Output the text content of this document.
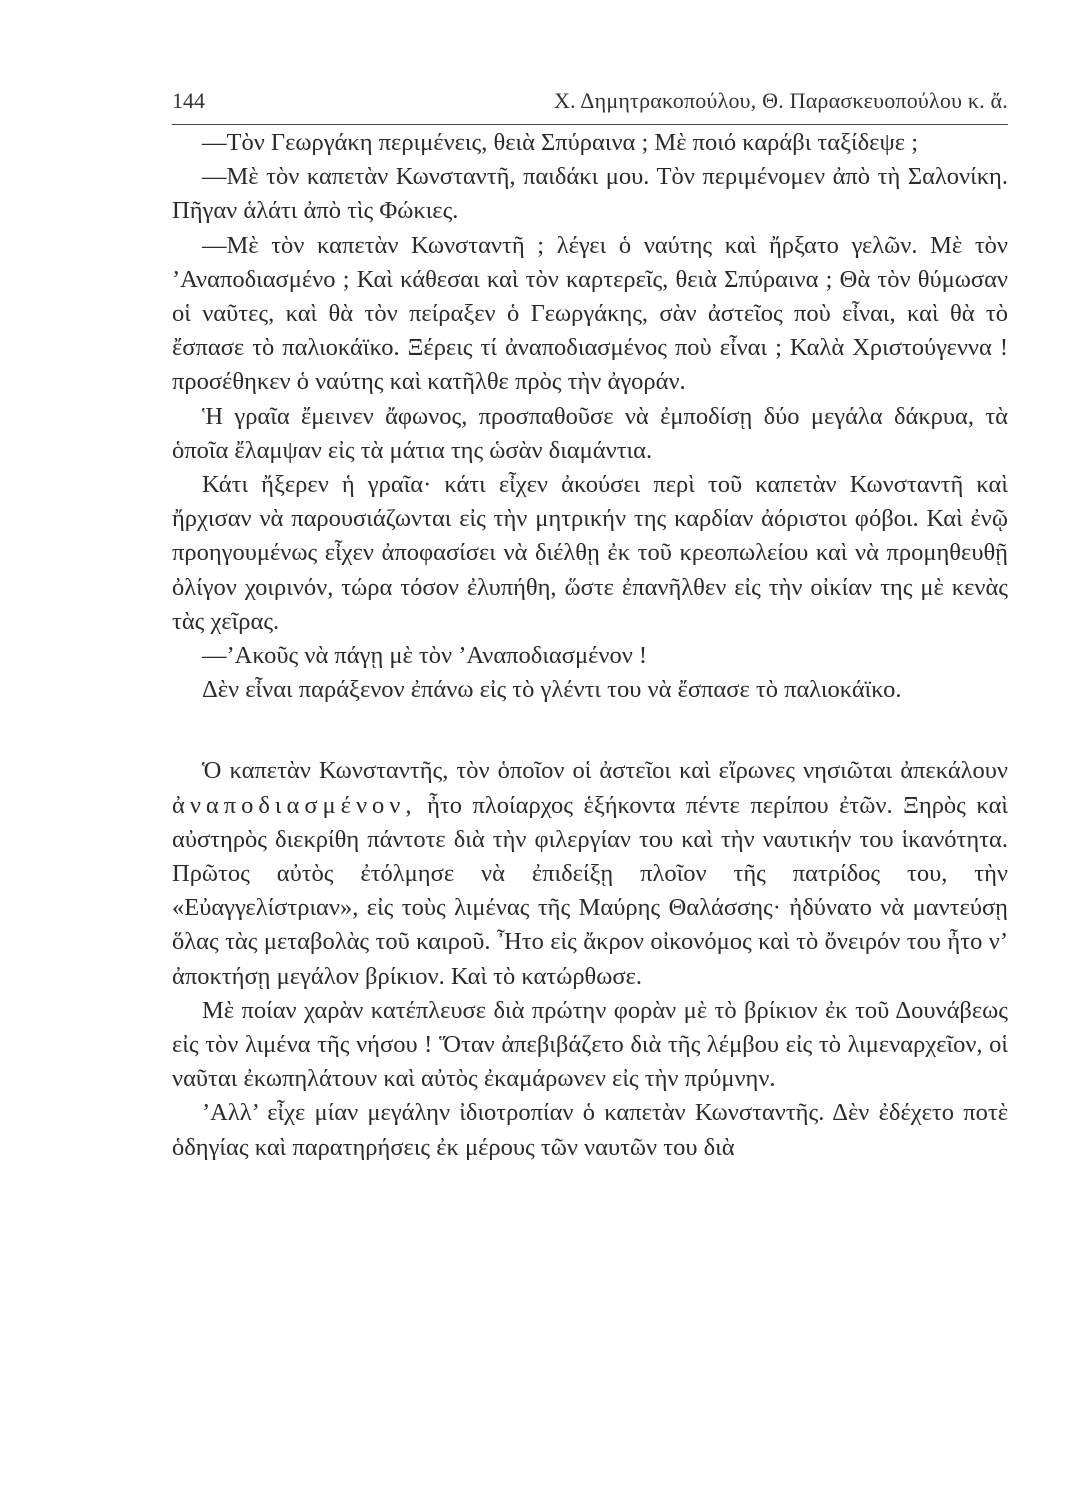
144	Χ. Δημητρακοπούλου, Θ. Παρασκευοπούλου κ. ἄ.

—Τὸν Γεωργάκη περιμένεις, θειὰ Σπύραινα ; Μὲ ποιό καράβι ταξίδεψε ;

—Μὲ τὸν καπετὰν Κωνσταντῆ, παιδάκι μου. Τὸν περιμένομεν ἀπὸ τὴ Σαλονίκη. Πῆγαν ἁλάτι ἀπὸ τὶς Φώκιες.

—Μὲ τὸν καπετὰν Κωνσταντῆ ; λέγει ὁ ναύτης καὶ ἤρξατο γελῶν. Μὲ τὸν ’Αναποδιασμένο ; Καὶ κάθεσαι καὶ τὸν καρτερεῖς, θειὰ Σπύραινα ; Θὰ τὸν θύμωσαν οἱ ναῦτες, καὶ θὰ τὸν πείραξεν ὁ Γεωργάκης, σὰν ἀστεῖος ποὺ εἶναι, καὶ θὰ τὸ ἔσπασε τὸ παλιοκάϊκο. Ξέρεις τί ἀναποδιασμένος ποὺ εἶναι ; Καλὰ Χριστούγεννα ! προσέθηκεν ὁ ναύτης καὶ κατῆλθε πρὸς τὴν ἀγοράν.

Ἡ γραῖα ἔμεινεν ἄφωνος, προσπαθοῦσε νὰ ἐμποδίσῃ δύο μεγάλα δάκρυα, τὰ ὁποῖα ἔλαμψαν εἰς τὰ μάτια της ὡσὰν διαμάντια.

Κάτι ἤξερεν ἡ γραῖα· κάτι εἶχεν ἀκούσει περὶ τοῦ καπετὰν Κωνσταντῆ καὶ ἤρχισαν νὰ παρουσιάζωνται εἰς τὴν μητρικήν της καρδίαν ἀόριστοι φόβοι. Καὶ ἐνῷ προηγουμένως εἶχεν ἀποφασίσει νὰ διέλθῃ ἐκ τοῦ κρεοπωλείου καὶ νὰ προμηθευθῇ ὀλίγον χοιρινόν, τώρα τόσον ἐλυπήθη, ὥστε ἐπανῆλθεν εἰς τὴν οἰκίαν της μὲ κενὰς τὰς χεῖρας.

—’Ακοῦς νὰ πάγῃ μὲ τὸν ’Αναποδιασμένον !

Δὲν εἶναι παράξενον ἐπάνω εἰς τὸ γλέντι του νὰ ἔσπασε τὸ παλιοκάϊκο.

Ὁ καπετὰν Κωνσταντῆς, τὸν ὁποῖον οἱ ἀστεῖοι καὶ εἴρωνες νησιῶται ἀπεκάλουν ἀναποδιασμένον, ἦτο πλοίαρχος ἑξήκοντα πέντε περίπου ἐτῶν. Ξηρὸς καὶ αὐστηρὸς διεκρίθη πάντοτε διὰ τὴν φιλεργίαν του καὶ τὴν ναυτικήν του ἱκανότητα. Πρῶτος αὐτὸς ἐτόλμησε νὰ ἐπιδείξῃ πλοῖον τῆς πατρίδος του, τὴν «Εὐαγγελίστριαν», εἰς τοὺς λιμένας τῆς Μαύρης Θαλάσσης· ἠδύνατο νὰ μαντεύσῃ ὅλας τὰς μεταβολὰς τοῦ καιροῦ. Ἦτο εἰς ἄκρον οἰκονόμος καὶ τὸ ὄνειρόν του ἦτο ν’ ἀποκτήσῃ μεγάλον βρίκιον. Καὶ τὸ κατώρθωσε.

Μὲ ποίαν χαρὰν κατέπλευσε διὰ πρώτην φορὰν μὲ τὸ βρίκιον ἐκ τοῦ Δουνάβεως εἰς τὸν λιμένα τῆς νήσου ! Ὅταν ἀπεβιβάζετο διὰ τῆς λέμβου εἰς τὸ λιμεναρχεῖον, οἱ ναῦται ἐκωπηλάτουν καὶ αὐτὸς ἐκαμάρωνεν εἰς τὴν πρύμνην.

’Αλλ’ εἶχε μίαν μεγάλην ἰδιοτροπίαν ὁ καπετὰν Κωνσταντῆς. Δὲν ἐδέχετο ποτὲ ὁδηγίας καὶ παρατηρήσεις ἐκ μέρους τῶν ναυτῶν του διὰ
